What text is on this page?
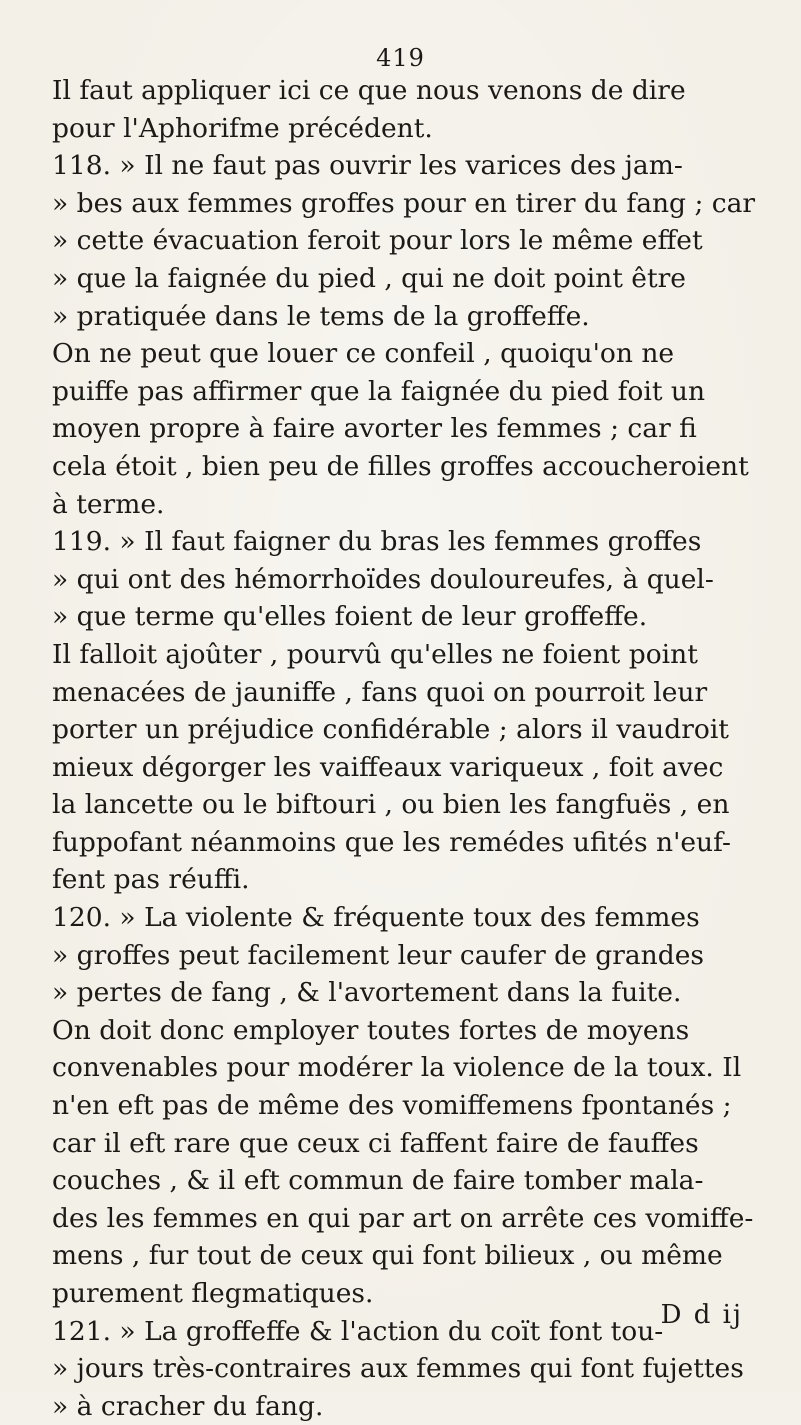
419
Il faut appliquer ici ce que nous venons de dire
pour l'Aphorifme précédent.
118. » Il ne faut pas ouvrir les varices des jam-
» bes aux femmes groffes pour en tirer du fang ; car
» cette évacuation feroit pour lors le même effet
» que la faignée du pied , qui ne doit point être
» pratiquée dans le tems de la groffeffe.
On ne peut que louer ce confeil , quoiqu'on ne
puiffe pas affirmer que la faignée du pied foit un
moyen propre à faire avorter les femmes ; car fi
cela étoit , bien peu de filles groffes accoucheroient
à terme.
119. » Il faut faigner du bras les femmes groffes
» qui ont des hémorrhoïdes douloureufes, à quel-
» que terme qu'elles foient de leur groffeffe.
Il falloit ajoûter , pourvû qu'elles ne foient point
menacées de jauniffe , fans quoi on pourroit leur
porter un préjudice confidérable ; alors il vaudroit
mieux dégorger les vaiffeaux variqueux , foit avec
la lancette ou le biftouri , ou bien les fangfuës , en
fuppofant néanmoins que les remédes ufités n'euf-
fent pas réuffi.
120. » La violente & fréquente toux des femmes
» groffes peut facilement leur caufer de grandes
» pertes de fang , & l'avortement dans la fuite.
On doit donc employer toutes fortes de moyens
convenables pour modérer la violence de la toux. Il
n'en eft pas de même des vomiffemens fpontanés ;
car il eft rare que ceux ci faffent faire de fauffes
couches , & il eft commun de faire tomber mala-
des les femmes en qui par art on arrête ces vomiffe-
mens , fur tout de ceux qui font bilieux , ou même
purement flegmatiques.
121. » La groffeffe & l'action du coït font tou-
» jours très-contraires aux femmes qui font fujettes
» à cracher du fang.
D d ij
